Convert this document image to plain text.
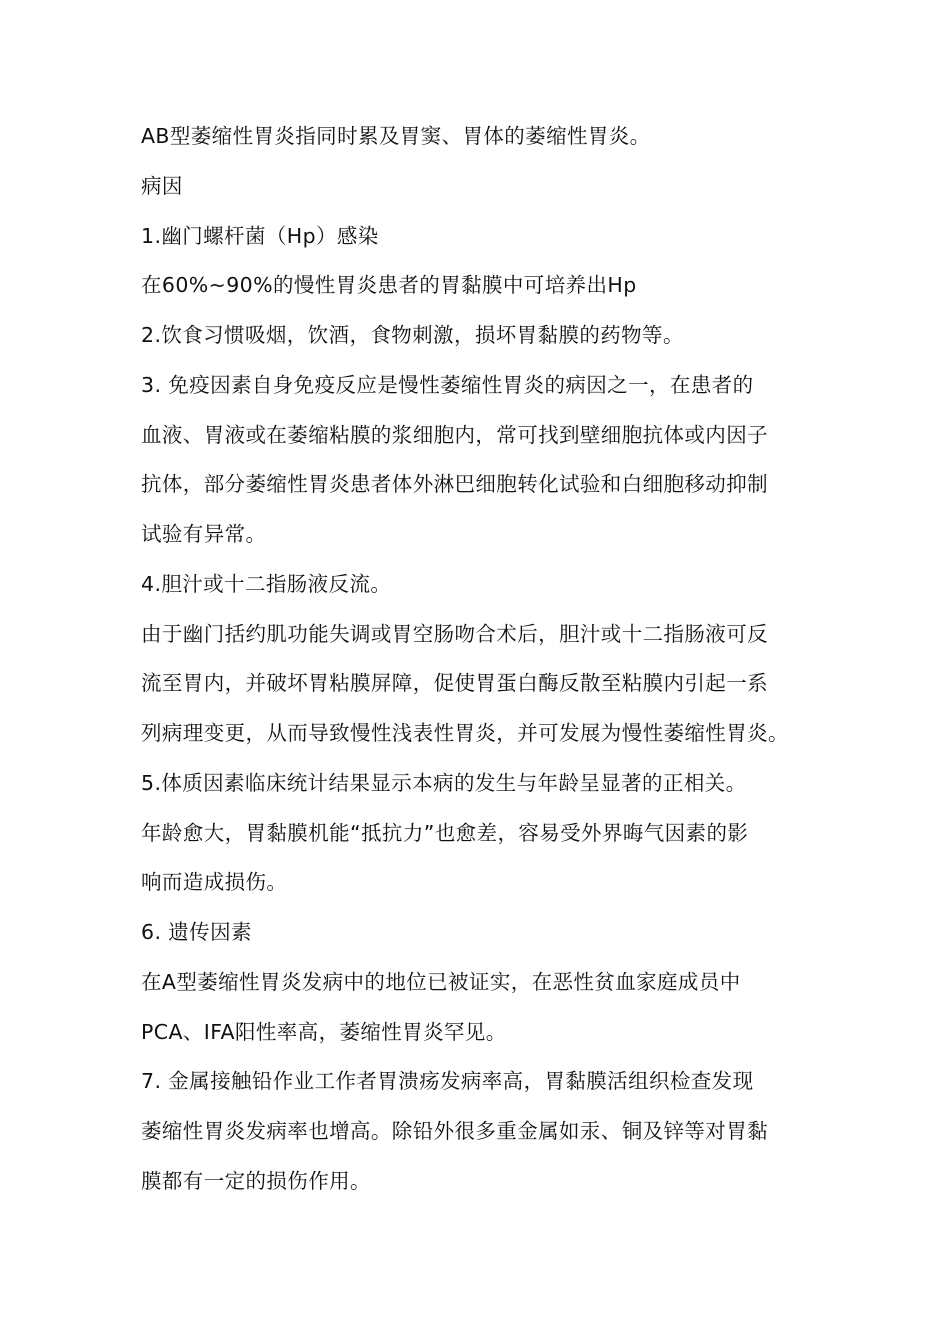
AB型萎缩性胃炎指同时累及胃窦、胃体的萎缩性胃炎。
病因
1.幽门螺杆菌（Hp）感染
在60%~90%的慢性胃炎患者的胃黏膜中可培养出Hp
2.饮食习惯吸烟，饮酒，食物刺激，损坏胃黏膜的药物等。
3. 免疫因素自身免疫反应是慢性萎缩性胃炎的病因之一，在患者的
血液、胃液或在萎缩粘膜的浆细胞内，常可找到壁细胞抗体或内因子
抗体，部分萎缩性胃炎患者体外淋巴细胞转化试验和白细胞移动抑制
试验有异常。
4.胆汁或十二指肠液反流。
由于幽门括约肌功能失调或胃空肠吻合术后，胆汁或十二指肠液可反
流至胃内，并破坏胃粘膜屏障，促使胃蛋白酶反散至粘膜内引起一系
列病理变更，从而导致慢性浅表性胃炎，并可发展为慢性萎缩性胃炎。
5.体质因素临床统计结果显示本病的发生与年龄呈显著的正相关。
年龄愈大，胃黏膜机能“抵抗力”也愈差，容易受外界晦气因素的影
响而造成损伤。
6. 遗传因素
在A型萎缩性胃炎发病中的地位已被证实，在恶性贫血家庭成员中
PCA、IFA阳性率高，萎缩性胃炎罕见。
7. 金属接触铅作业工作者胃溃疡发病率高，胃黏膜活组织检查发现
萎缩性胃炎发病率也增高。除铅外很多重金属如汞、铜及锌等对胃黏
膜都有一定的损伤作用。
